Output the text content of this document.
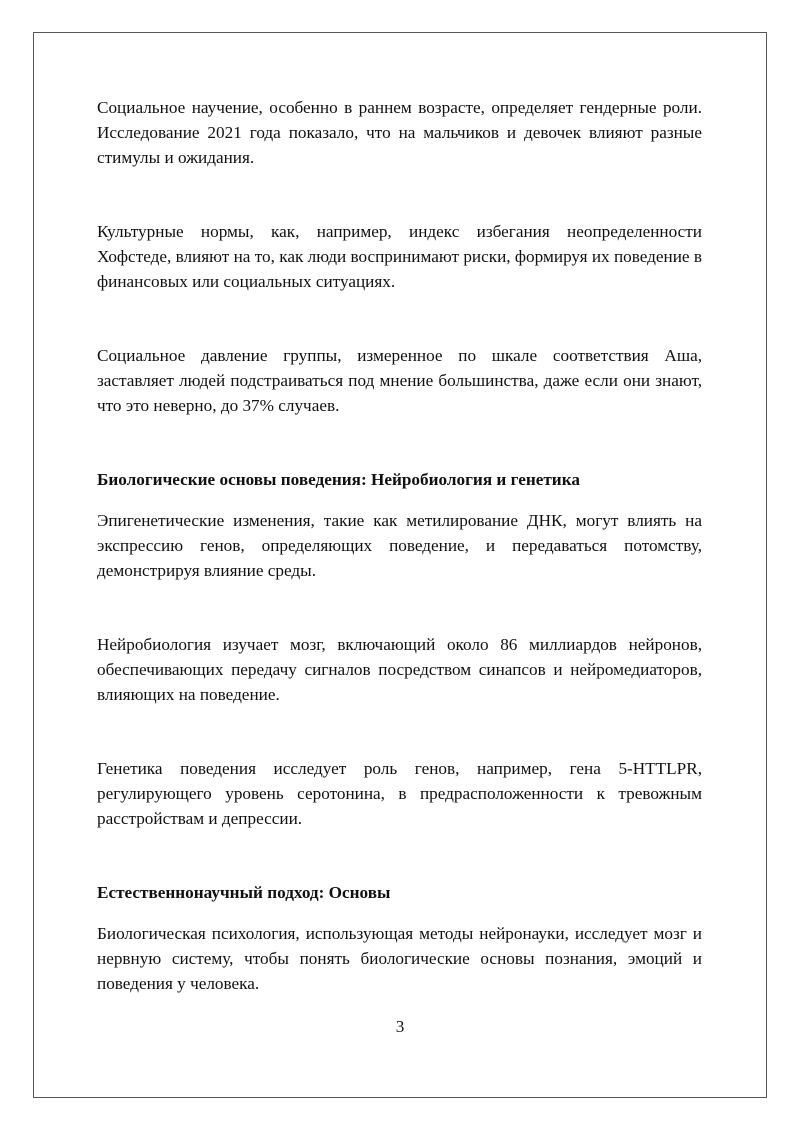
Социальное научение, особенно в раннем возрасте, определяет гендерные роли. Исследование 2021 года показало, что на мальчиков и девочек влияют разные стимулы и ожидания.

Культурные нормы, как, например, индекс избегания неопределенности Хофстеде, влияют на то, как люди воспринимают риски, формируя их поведение в финансовых или социальных ситуациях.

Социальное давление группы, измеренное по шкале соответствия Аша, заставляет людей подстраиваться под мнение большинства, даже если они знают, что это неверно, до 37% случаев.

Биологические основы поведения: Нейробиология и генетика

Эпигенетические изменения, такие как метилирование ДНК, могут влиять на экспрессию генов, определяющих поведение, и передаваться потомству, демонстрируя влияние среды.

Нейробиология изучает мозг, включающий около 86 миллиардов нейронов, обеспечивающих передачу сигналов посредством синапсов и нейромедиаторов, влияющих на поведение.

Генетика поведения исследует роль генов, например, гена 5-HTTLPR, регулирующего уровень серотонина, в предрасположенности к тревожным расстройствам и депрессии.

Естественнонаучный подход: Основы

Биологическая психология, использующая методы нейронауки, исследует мозг и нервную систему, чтобы понять биологические основы познания, эмоций и поведения у человека.

3
